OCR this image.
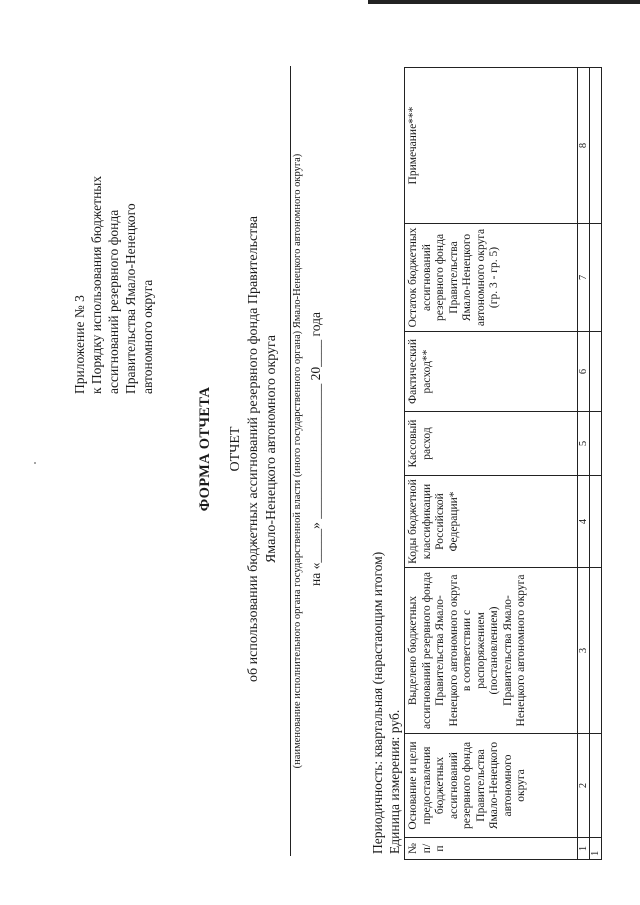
Приложение № 3 к Порядку использования бюджетных ассигнований резервного фонда Правительства Ямало-Ненецкого автономного округа
ФОРМА ОТЧЕТА ОТЧЕТ об использовании бюджетных ассигнований резервного фонда Правительства Ямало-Ненецкого автономного округа (наименование исполнительного органа государственной власти (иного государственного органа) Ямало-Ненецкого автономного округа) на «_____» ____________________ 20____ года
Периодичность: квартальная (нарастающим итогом) Единица измерения: руб. № п/п	Основание и цели предоставления бюджетных ассигнований резервного фонда Правительства Ямало-Ненецкого автономного округа	Выделено бюджетных ассигнований резервного фонда Правительства Ямало-Ненецкого автономного округа в соответствии с распоряжением (постановлением) Правительства Ямало-Ненецкого автономного округа	Коды бюджетной классификации Российской Федерации*	Кассовый расход	Фактический расход**	Остаток бюджетных ассигнований резервного фонда Правительства Ямало-Ненецкого автономного округа (гр. 3 - гр. 5)	Примечание***
1	2	3	4	5	6	7	8
1							
